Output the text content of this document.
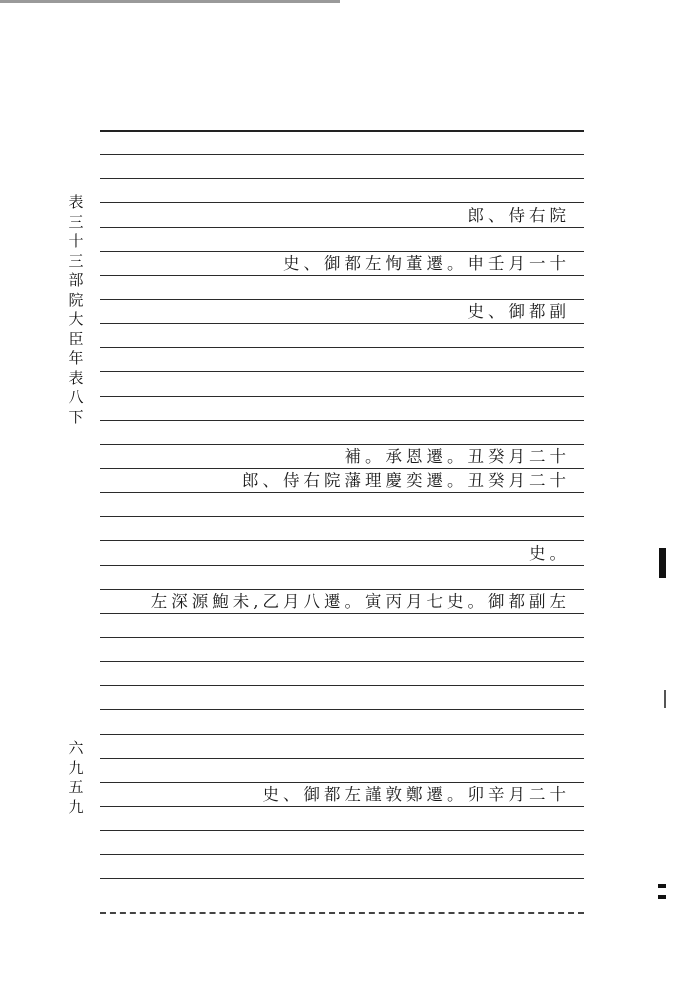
表三十三 部院大臣年表八下
六九五九
郎、侍右院
史、御都左恂董遷。申壬月一十
史、御都副
補。承恩遷。丑癸月二十
郎、侍右院藩理慶奕遷。丑癸月二十
史。
左深源鮑未,乙月八遷。寅丙月七史。御都副左
史、御都左謹敦鄭遷。卯辛月二十
